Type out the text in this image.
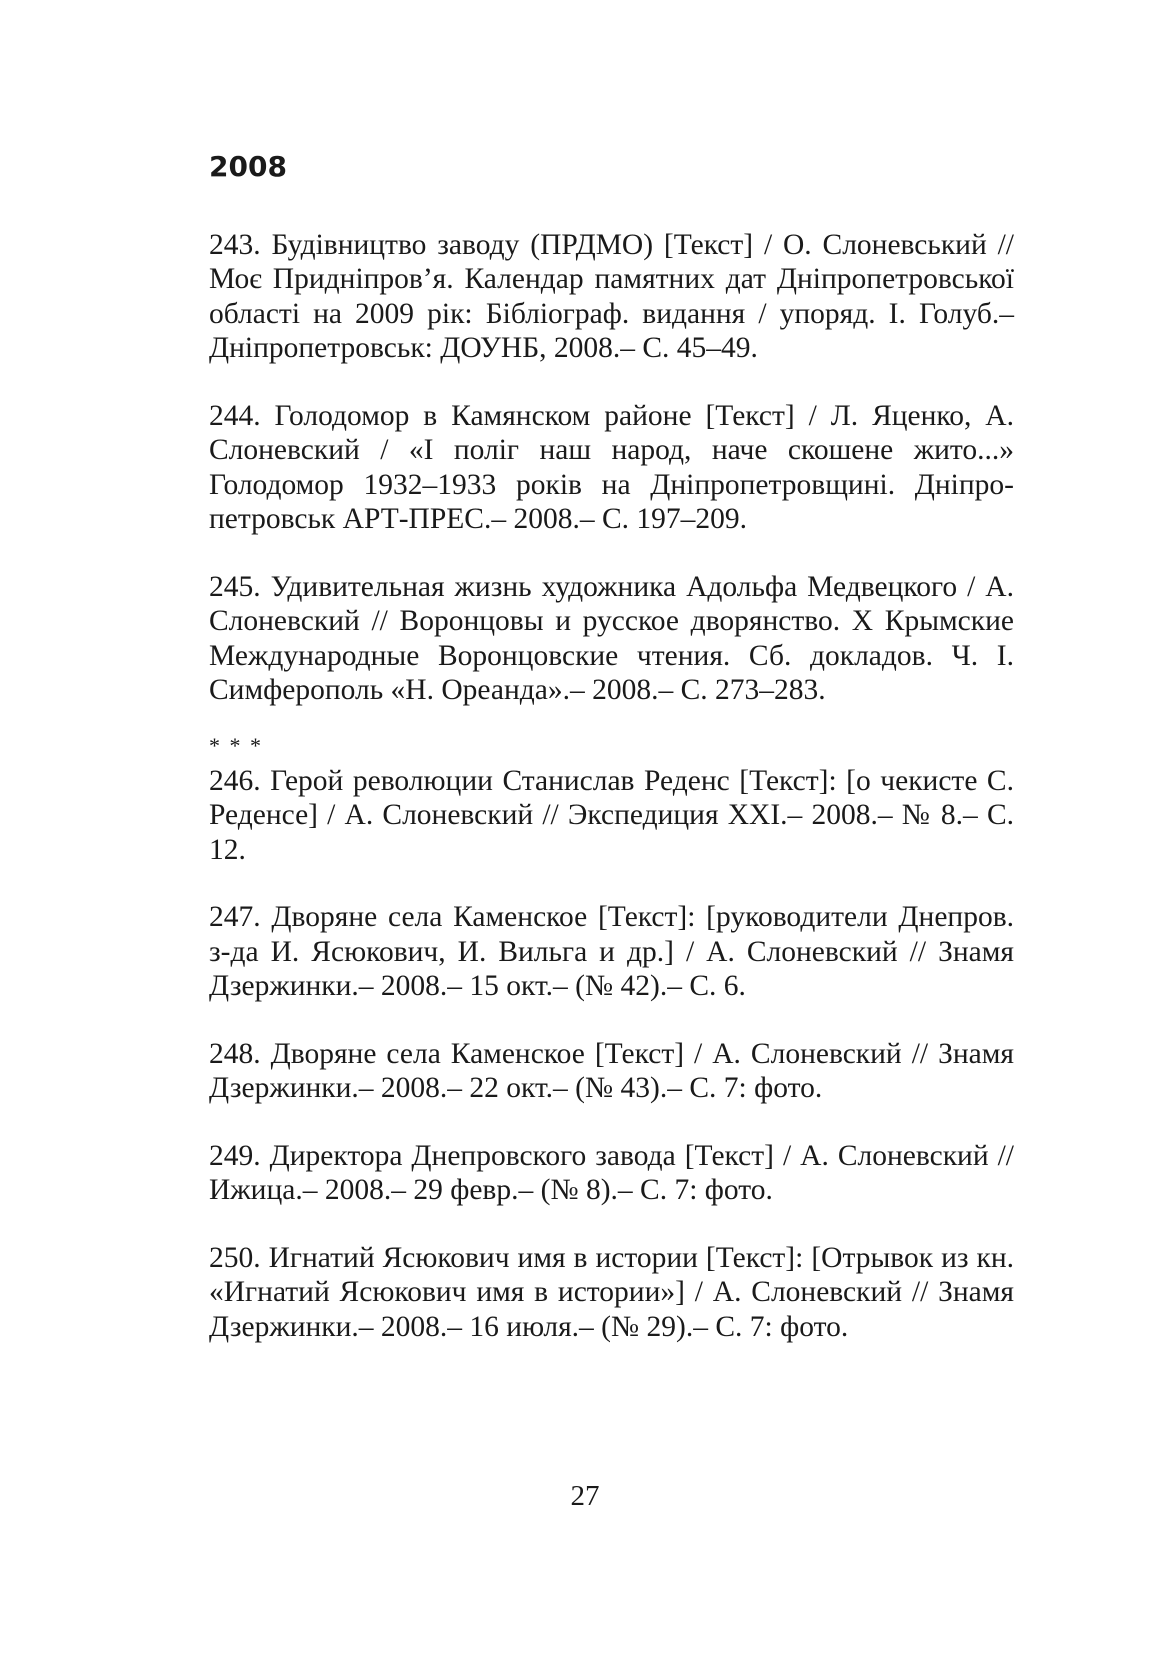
2008

243. Будівництво заводу (ПРДМО) [Текст] / О. Слоневський // Моє Придніпров’я. Календар памятних дат Дніпропетровської області на 2009 рік: Бібліограф. видання / упоряд. І. Голуб.– Дніпропетровськ: ДОУНБ, 2008.– С. 45–49.

244. Голодомор в Камянском районе [Текст] / Л. Яценко, А. Слоневский / «І поліг наш народ, наче скошене жито...» Голодомор 1932–1933 років на Дніпропетровщині. Дніпропетровськ АРТ-ПРЕС.– 2008.– С. 197–209.

245. Удивительная жизнь художника Адольфа Медвецкого / А. Слоневский // Воронцовы и русское дворянство. Х Крымские Международные Воронцовские чтения. Сб. докладов. Ч. I. Симферополь «Н. Ореанда».– 2008.– С. 273–283.

* * *

246. Герой революции Станислав Реденс [Текст]: [о чекисте С. Реденсе] / А. Слоневский // Экспедиция ХХІ.– 2008.– № 8.– С. 12.

247. Дворяне села Каменское [Текст]: [руководители Днепров. з-да И. Ясюкович, И. Вильга и др.] / А. Слоневский // Знамя Дзержинки.– 2008.– 15 окт.– (№ 42).– С. 6.

248. Дворяне села Каменское [Текст] / А. Слоневский // Знамя Дзержинки.– 2008.– 22 окт.– (№ 43).– С. 7: фото.

249. Директора Днепровского завода [Текст] / А. Слоневский // Ижица.– 2008.– 29 февр.– (№ 8).– С. 7: фото.

250. Игнатий Ясюкович имя в истории [Текст]: [Отрывок из кн. «Игнатий Ясюкович имя в истории»] / А. Слоневский // Знамя Дзержинки.– 2008.– 16 июля.– (№ 29).– С. 7: фото.

27
